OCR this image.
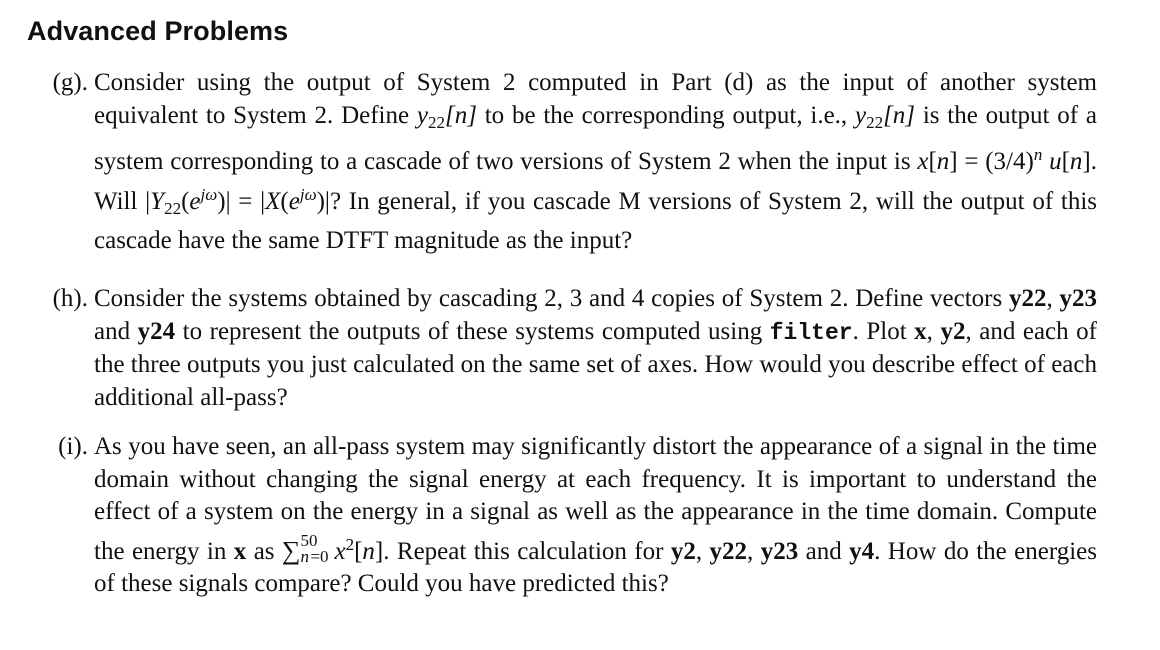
Advanced Problems
(g). Consider using the output of System 2 computed in Part (d) as the input of another system equivalent to System 2. Define $y_{22}[n]$ to be the corresponding output, i.e., $y_{22}[n]$ is the output of a system corresponding to a cascade of two versions of System 2 when the input is $x[n] = (3/4)^n$ u[n]. Will $|Y_{22}(e^{j\omega})| = |X(e^{j\omega})|$? In general, if you cascade M versions of System 2, will the output of this cascade have the same DTFT magnitude as the input?

(h). Consider the systems obtained by cascading 2, 3 and 4 copies of System 2. Define vectors y22, y23 and y24 to represent the outputs of these systems computed using filter. Plot x, y2, and each of the three outputs you just calculated on the same set of axes. How would you describe effect of each additional all-pass?

(i). As you have seen, an all-pass system may significantly distort the appearance of a signal in the time domain without changing the signal energy at each frequency. It is important to understand the effect of a system on the energy in a signal as well as the appearance in the time domain. Compute the energy in x as ∑ 50
n =0 $x^2[n]$. Repeat this calculation for y2, y22, y23 and y4. How do the energies of these signals compare? Could you have predicted this?
